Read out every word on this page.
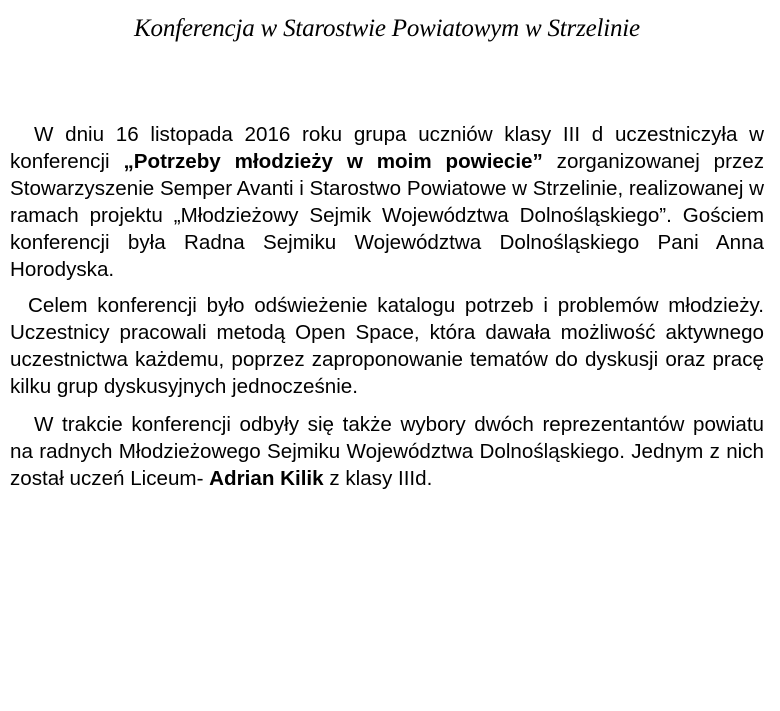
Konferencja w Starostwie Powiatowym w Strzelinie

W dniu 16 listopada 2016 roku grupa uczniów klasy III d uczestniczyła w konferencji „Potrzeby młodzieży w moim powiecie” zorganizowanej przez Stowarzyszenie Semper Avanti i Starostwo Powiatowe w Strzelinie, realizowanej w ramach projektu „Młodzieżowy Sejmik Województwa Dolnośląskiego”. Gościem konferencji była Radna Sejmiku Województwa Dolnośląskiego Pani Anna Horodyska.

Celem konferencji było odświeżenie katalogu potrzeb i problemów młodzieży. Uczestnicy pracowali metodą Open Space, która dawała możliwość aktywnego uczestnictwa każdemu, poprzez zaproponowanie tematów do dyskusji oraz pracę kilku grup dyskusyjnych jednocześnie.

W trakcie konferencji odbyły się także wybory dwóch reprezentantów powiatu na radnych Młodzieżowego Sejmiku Województwa Dolnośląskiego. Jednym z nich został uczeń Liceum- Adrian Kilik z klasy IIId.
